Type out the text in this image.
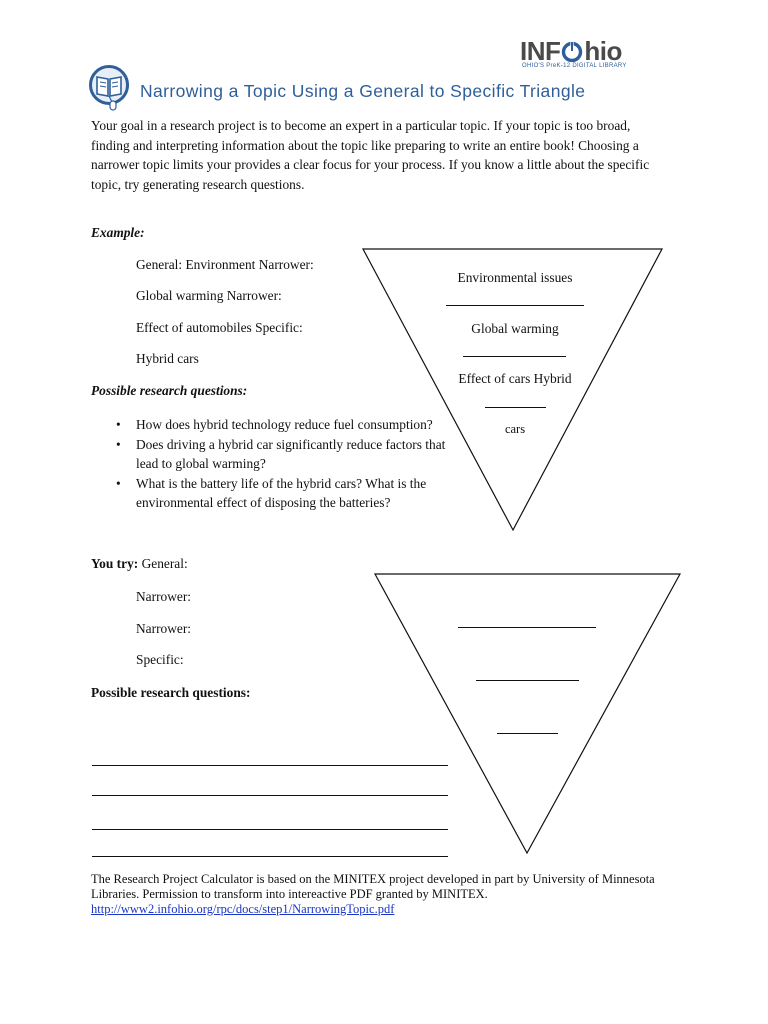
INF hio
OHIO'S PreK-12 DIGITAL LIBRARY
Narrowing a Topic Using a General to Specific Triangle
Your goal in a research project is to become an expert in a particular topic. If your topic is too broad, finding and interpreting information about the topic like preparing to write an entire book! Choosing a narrower topic limits your provides a clear focus for your process. If you know a little about the specific topic, try generating research questions.
Example:
General: Environment Narrower:
Global warming Narrower:
Effect of automobiles Specific:
Hybrid cars
Possible research questions:
• How does hybrid technology reduce fuel consumption?
• Does driving a hybrid car significantly reduce factors that lead to global warming?
• What is the battery life of the hybrid cars? What is the environmental effect of disposing the batteries?
Environmental issues
Global warming
Effect of cars Hybrid
cars
You try: General:
Narrower:
Narrower:
Specific:
Possible research questions:
The Research Project Calculator is based on the MINITEX project developed in part by University of Minnesota Libraries. Permission to transform into intereactive PDF granted by MINITEX.
http://www2.infohio.org/rpc/docs/step1/NarrowingTopic.pdf
